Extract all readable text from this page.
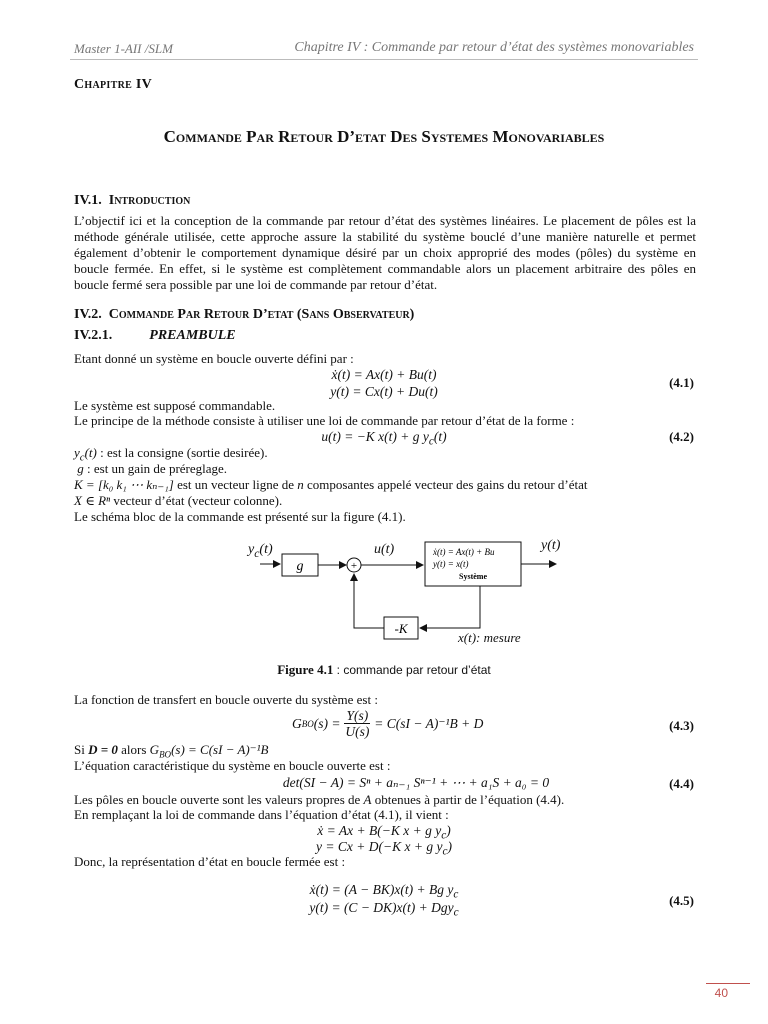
Master 1-AII /SLM	Chapitre IV : Commande par retour d’état des systèmes monovariables
Chapitre IV
Commande Par Retour D’etat Des Systemes Monovariables
IV.1. Introduction
L’objectif ici et la conception de la commande par retour d’état des systèmes linéaires. Le placement de pôles est la méthode générale utilisée, cette approche assure la stabilité du système bouclé d’une manière naturelle et permet également d’obtenir le comportement dynamique désiré par un choix approprié des modes (pôles) du système en boucle fermée. En effet, si le système est complètement commandable alors un placement arbitraire des pôles en boucle fermé sera possible par une loi de commande par retour d’état.
IV.2. Commande Par Retour D’etat (Sans Observateur)
IV.2.1.	PREAMBULE
Etant donné un système en boucle ouverte défini par :
ẋ(t) = Ax(t) + Bu(t)
y(t) = Cx(t) + Du(t)
(4.1)
Le système est supposé commandable.
Le principe de la méthode consiste à utiliser une loi de commande par retour d’état de la forme :
u(t) = −K x(t) + g $y_c(t)$	(4.2)
$y_c(t)$ : est la consigne (sortie desirée).
g : est un gain de préreglage.
K = [k₀ k₁ ⋯ kₙ₋₁] est un vecteur ligne de n composantes appelé vecteur des gains du retour d’état
X ∈ Rⁿ vecteur d’état (vecteur colonne).
Le schéma bloc de la commande est présenté sur la figure (4.1).
g	+
ẋ(t) = Ax(t) + Bu
y(t) = x(t)
Système
-K
$y_c(t)$	u(t)	y(t)
x(t): mesure
Figure 4.1 : commande par retour d’état
La fonction de transfert en boucle ouverte du système est :
G BO $(s) = \frac{Y(s)}{U(s)} = C(sI - A)^{-1}B + D$	(4.3)
Si D = 0 alors $G_{BO}(s) = C(sI - A)^{-1}B$
L’équation caractéristique du système en boucle ouverte est :
det(SI − A) = Sⁿ + aₙ₋₁ Sⁿ⁻¹ + ⋯ + a₁S + a₀ = 0	(4.4)
Les pôles en boucle ouverte sont les valeurs propres de A obtenues à partir de l’équation (4.4).
En remplaçant la loi de commande dans l’équation d’état (4.1), il vient :
ẋ = Ax + B(−K x + g $y_c$)
y = Cx + D(−K x + g $y_c$)
Donc, la représentation d’état en boucle fermée est :
ẋ(t) = (A − BK)x(t) + Bg $y_c$
y(t) = (C − DK)x(t) + Dgy$_c$
(4.5)
40
